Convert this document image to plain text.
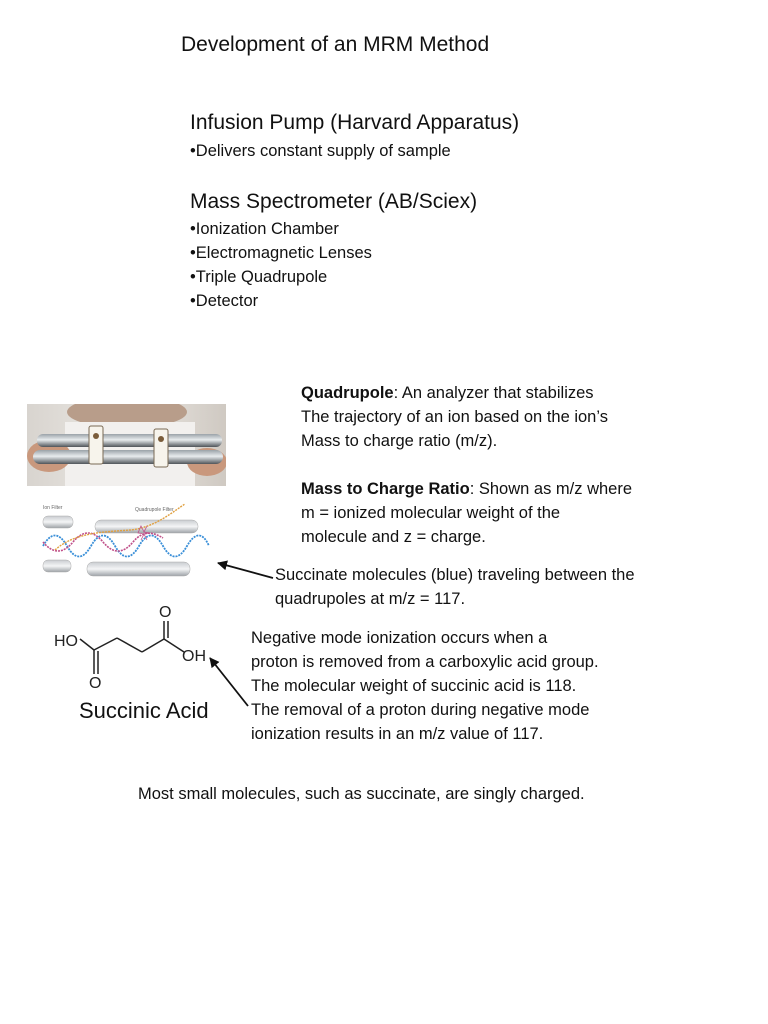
Development of an MRM Method
Infusion Pump (Harvard Apparatus)
•Delivers constant supply of sample
Mass Spectrometer (AB/Sciex)
•Ionization Chamber
•Electromagnetic Lenses
•Triple Quadrupole
•Detector
Quadrupole: An analyzer that stabilizes
The trajectory of an ion based on the ion’s
Mass to charge ratio (m/z).
Mass to Charge Ratio: Shown as m/z where
m = ionized molecular weight of the
molecule and z = charge.
Ion Filter	Quadrupole Filter
Succinate molecules (blue) traveling between the
quadrupoles at m/z = 117.
HO
O
OH
O
Succinic Acid
Negative mode ionization occurs when a
proton is removed from a carboxylic acid group.
The molecular weight of succinic acid is 118.
The removal of a proton during negative mode
ionization results in an m/z value of 117.
Most small molecules, such as succinate, are singly charged.
